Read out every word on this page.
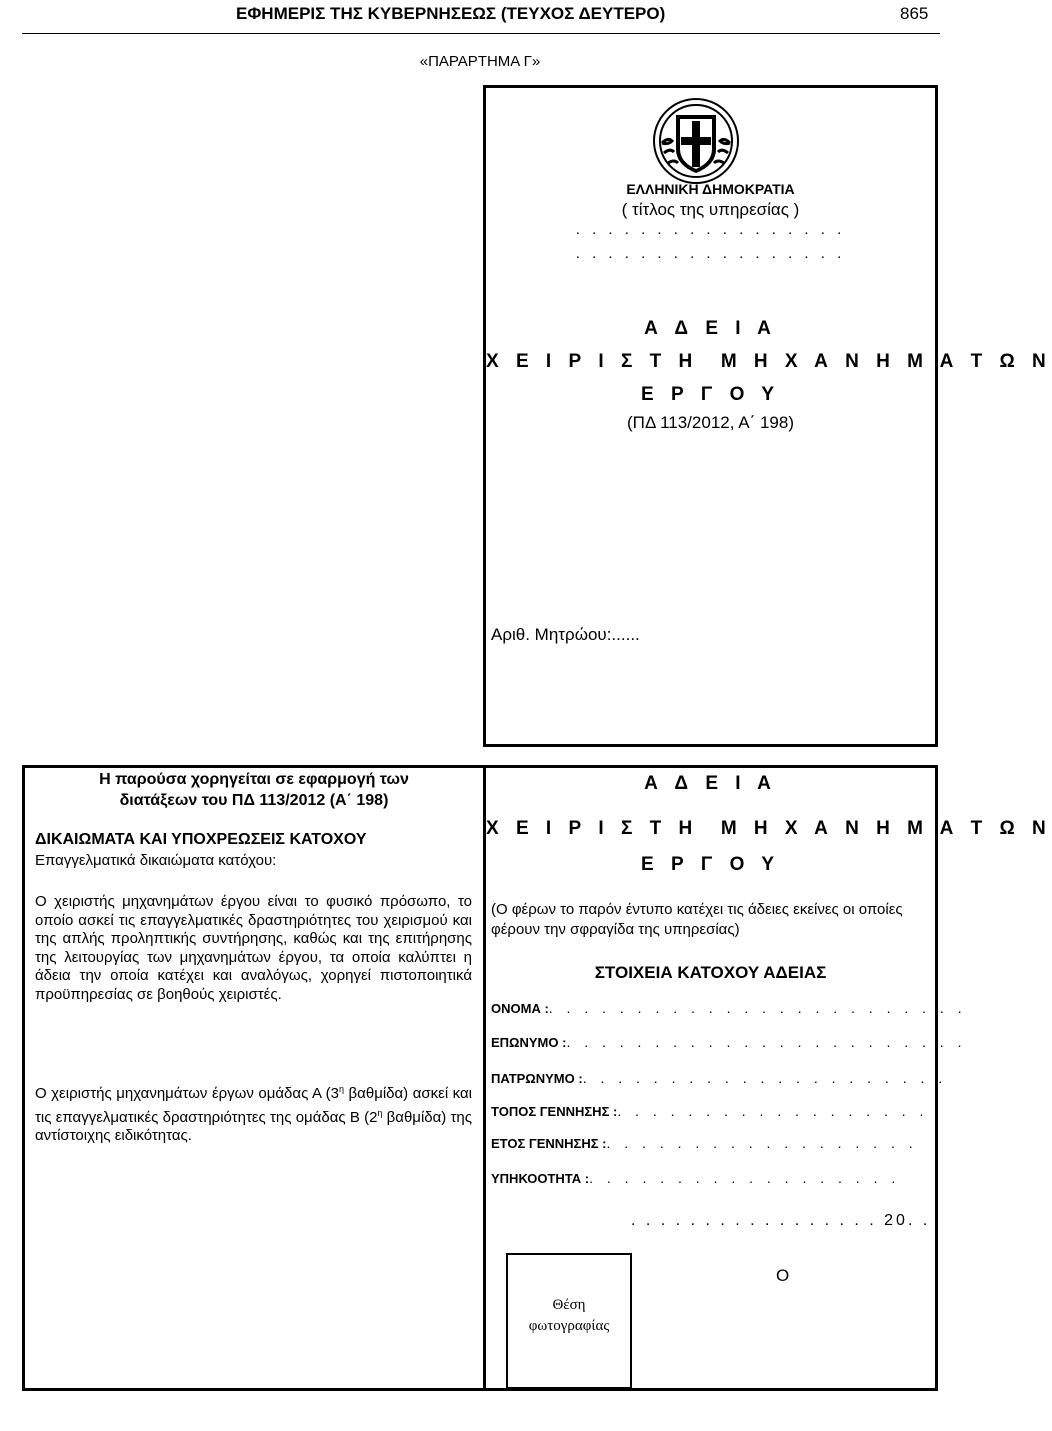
ΕΦΗΜΕΡΙΣ ΤΗΣ ΚΥΒΕΡΝΗΣΕΩΣ (ΤΕΥΧΟΣ ΔΕΥΤΕΡΟ)	865
«ΠΑΡΑΡΤΗΜΑ Γ»
ΕΛΛΗΝΙΚΗ ΔΗΜΟΚΡΑΤΙΑ
( τίτλος της υπηρεσίας )
. . . . . . . . . . . . . . . . .
. . . . . . . . . . . . . . . . .
Α Δ Ε Ι Α
Χ Ε Ι Ρ Ι Σ Τ Η  Μ Η Χ Α Ν Η Μ Α Τ Ω Ν
Ε Ρ Γ Ο Υ
(ΠΔ 113/2012, Α΄ 198)
Αριθ. Μητρώου:......
Η παρούσα χορηγείται σε εφαρμογή των
διατάξεων του ΠΔ 113/2012 (Α΄ 198)
ΔΙΚΑΙΩΜΑΤΑ ΚΑΙ ΥΠΟΧΡΕΩΣΕΙΣ ΚΑΤΟΧΟΥ
Επαγγελματικά δικαιώματα κατόχου:
Ο χειριστής μηχανημάτων έργου είναι το φυσικό πρόσωπο, το οποίο ασκεί τις επαγγελματικές δραστηριότητες του χειρισμού και της απλής προληπτικής συντήρησης, καθώς και της επιτήρησης της λειτουργίας των μηχανημάτων έργου, τα οποία καλύπτει η άδεια την οποία κατέχει και αναλόγως, χορηγεί πιστοποιητικά προϋπηρεσίας σε βοηθούς χειριστές.
Ο χειριστής μηχανημάτων έργων ομάδας Α ($3^\eta$ βαθμίδα) ασκεί και τις επαγγελματικές δραστηριότητες της ομάδας Β ($2^\eta$ βαθμίδα) της αντίστοιχης ειδικότητας.
Α Δ Ε Ι Α
Χ Ε Ι Ρ Ι Σ Τ Η  Μ Η Χ Α Ν Η Μ Α Τ Ω Ν
Ε Ρ Γ Ο Υ
(Ο φέρων το παρόν έντυπο κατέχει τις άδειες εκείνες οι οποίες φέρουν την σφραγίδα της υπηρεσίας)
ΣΤΟΙΧΕΙΑ ΚΑΤΟΧΟΥ ΑΔΕΙΑΣ
ΟΝΟΜΑ :. . . . . . . . . . . . . . . . . . . . . . . .
ΕΠΩΝΥΜΟ :. . . . . . . . . . . . . . . . . . . . . . .
ΠΑΤΡΩΝΥΜΟ :. . . . . . . . . . . . . . . . . . . . .
ΤΟΠΟΣ ΓΕΝΝΗΣΗΣ :. . . . . . . . . . . . . . . . . .
ΕΤΟΣ ΓΕΝΝΗΣΗΣ :. . . . . . . . . . . . . . . . . .
ΥΠΗΚΟΟΤΗΤΑ :. . . . . . . . . . . . . . . . . .
. . . . . . . . . . . . . . . . . 20. .
Θέση
φωτογραφίας
Ο
